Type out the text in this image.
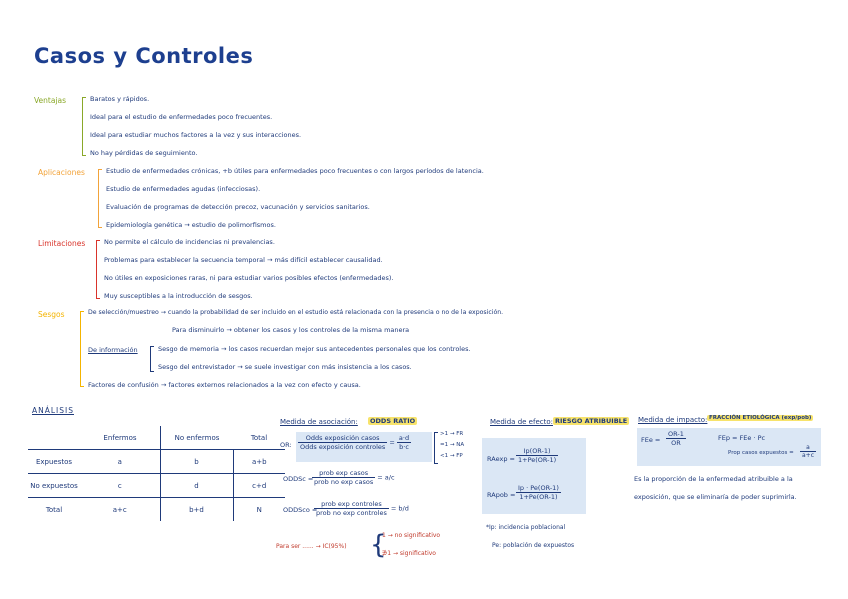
Casos y Controles
Ventajas	Baratos y rápidos.
Ideal para el estudio de enfermedades poco frecuentes.
Ideal para estudiar muchos factores a la vez y sus interacciones.
No hay pérdidas de seguimiento.
Aplicaciones	Estudio de enfermedades crónicas, +b útiles para enfermedades poco frecuentes o con largos períodos de latencia.
Estudio de enfermedades agudas (infecciosas).
Evaluación de programas de detección precoz, vacunación y servicios sanitarios.
Epidemiología genética → estudio de polimorfismos.
Limitaciones	No permite el cálculo de incidencias ni prevalencias.
Problemas para establecer la secuencia temporal → más difícil establecer causalidad.
No útiles en exposiciones raras, ni para estudiar varios posibles efectos (enfermedades).
Muy susceptibles a la introducción de sesgos.
Sesgos	De selección/muestreo → cuando la probabilidad de ser incluido en el estudio está relacionada con la presencia o no de la exposición.
Para disminuirlo → obtener los casos y los controles de la misma manera
De información	Sesgo de memoria → los casos recuerdan mejor sus antecedentes personales que los controles.
Sesgo del entrevistador → se suele investigar con más insistencia a los casos.
Factores de confusión → factores externos relacionados a la vez con efecto y causa.
ANÁLISIS
	Enfermos		No enfermos	Total
Expuestos	a		b	a+b
No expuestos	c		d	c+d
Total	a+c		b+d	N
Medida de asociación:	ODDS RATIO
OR: $\frac{\text{Odds exposición casos}}{\text{Odds exposición controles}} = \frac{a\cdot d}{b\cdot c}$	>1 → FR
=1 → NA
<1 → FP
ODDSc =
$\frac{\text{prob exp casos}}{\text{prob no exp casos}} = a/c$
ODDSco =
$\frac{\text{prob exp controles}}{\text{prob no exp controles}} = b/d$
Para ser ...... → IC(95%) {
1 → no significativo
∌1 → significativo
Medida de efecto: RIESGO ATRIBUIBLE
$RAexp = \frac{Ip(OR-1)}{1+Pe(OR-1)}$
RApob = $\frac{Ip \cdot Pe(OR-1)}{1+Pe(OR-1)}$
*Ip: incidencia poblacional
Pe: población de expuestos
Medida de impacto: FRACCIÓN ETIOLÓGICA (exp/pob)
FEe = $\frac{OR-1}{OR}$	FEp = FEe · Pc
Prop casos expuestos = $\frac{a}{a+c}$
Es la proporción de la enfermedad atribuible a la exposición, que se eliminaría de poder suprimirla.
